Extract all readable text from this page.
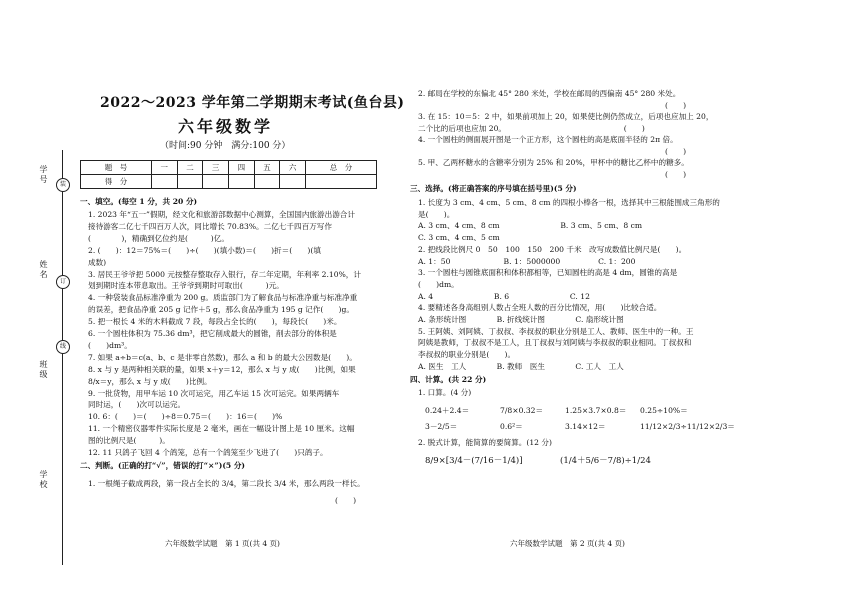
学号
姓名
班级
学校
装
订
线
2022～2023 学年第二学期期末考试(鱼台县)
六年级数学
（时间:90 分钟　满分:100 分）
题　号	一	二	三	四	五	六	总　分
得　分							
一、填空。(每空 1 分，共 20 分)
1. 2023 年“五一”假期，经文化和旅游部数据中心测算，全国国内旅游出游合计
接待游客二亿七千四百万人次，同比增长 70.83%。二亿七千四百万写作
(　　　　)，精确到亿位约是(　　　)亿。
2. (　　)：12＝75%＝(　　)÷(　　)(填小数)＝(　　)折＝(　　)(填
成数)
3. 居民王爷爷把 5000 元按整存整取存入银行，存二年定期，年利率 2.10%，计
划到期时连本带息取出。王爷爷到期时可取出(　　　)元。
4. 一种袋装食品标准净重为 200 g。质监部门为了解食品与标准净重与标准净重
的误差，把食品净重 205 g 记作＋5 g，那么食品净重为 195 g 记作(　　)g。
5. 把一根长 4 米的木料截成 7 段，每段占全长的(　　)，每段长(　　)米。
6. 一个圆柱体积为 75.36 dm³，把它削成最大的圆锥，削去部分的体积是
(　　)dm³。
7. 如果 a÷b＝c(a、b、c 是非零自然数)，那么 a 和 b 的最大公因数是(　　)。
8. x 与 y 是两种相关联的量，如果 x＋y＝12，那么 x 与 y 成(　　)比例，如果
8/x＝y，那么 x 与 y 成(　　)比例。
9. 一批货物，用甲车运 10 次可运完，用乙车运 15 次可运完。如果两辆车
同时运，(　　)次可以运完。
10. 6：(　　)＝(　　)÷8＝0.75＝(　　)：16＝(　　)%
11. 一个精密仪器零件实际长度是 2 毫米，画在一幅设计图上是 10 厘米。这幅
图的比例尺是(　　　)。
12. 11 只鸽子飞回 4 个鸽笼，总有一个鸽笼至少飞进了(　　)只鸽子。
二、判断。(正确的打“√”，错误的打“×”)(5 分)
1. 一根绳子截成两段，第一段占全长的 3/4，第二段长 3/4 米，那么两段一样长。
(　　)
六年级数学试题　第 1 页(共 4 页)
2. 邮局在学校的东偏北 45° 280 米处，学校在邮局的西偏南 45° 280 米处。
(　　)
3. 在 15：10＝5：2 中，如果前项加上 20，如果使比例仍然成立，后项也应加上 20，
二个比的后项也应加 20。　　　　　　　　　　　　　　　　(　　)
4. 一个圆柱的侧面展开图是一个正方形，这个圆柱的高是底面半径的 2π 倍。
(　　)
5. 甲、乙两杯糖水的含糖率分别为 25% 和 20%，甲杯中的糖比乙杯中的糖多。
(　　)
三、选择。(将正确答案的序号填在括号里)(5 分)
1. 长度为 3 cm、4 cm、5 cm、8 cm 的四根小棒各一根，选择其中三根能围成三角形的
是(　　)。
A. 3 cm、4 cm、8 cm　　　　　　　　B. 3 cm、5 cm、8 cm
C. 3 cm、4 cm、5 cm
2. 把线段比例尺 0　50　100　150　200 千米　改写成数值比例尺是(　　)。
A. 1：50　　　　　　　B. 1：5000000　　　　　C. 1：200
3. 一个圆柱与圆锥底面积和体积都相等，已知圆柱的高是 4 dm，圆锥的高是
(　　)dm。
A. 4　　　　　　　　B. 6　　　　　　　　C. 12
4. 要精述各身高组别人数占全班人数的百分比情况，用(　　)比较合适。
A. 条形统计图　　　　B. 折线统计图　　　　C. 扇形统计图
5. 王阿姨、刘阿姨、丁叔叔、李叔叔的职业分别是工人、教师、医生中的一种。王
阿姨是教师，丁叔叔不是工人，且丁叔叔与刘阿姨与李叔叔的职业相同。丁叔叔和
李叔叔的职业分别是(　　)。
A. 医生　工人　　　　B. 教师　医生　　　　C. 工人　工人
四、计算。(共 22 分)
1. 口算。(4 分)
0.24＋2.4＝	7/8×0.32＝	1.25×3.7×0.8＝ 0.25÷10%＝
3－2/5＝	0.6²＝	3.14×12＝	11/12×2/3÷11/12×2/3＝
2. 脱式计算，能简算的要简算。(12 分)
8/9×[3/4－(7/16－1/4)]	(1/4＋5/6－7/8)÷1/24
六年级数学试题　第 2 页(共 4 页)
